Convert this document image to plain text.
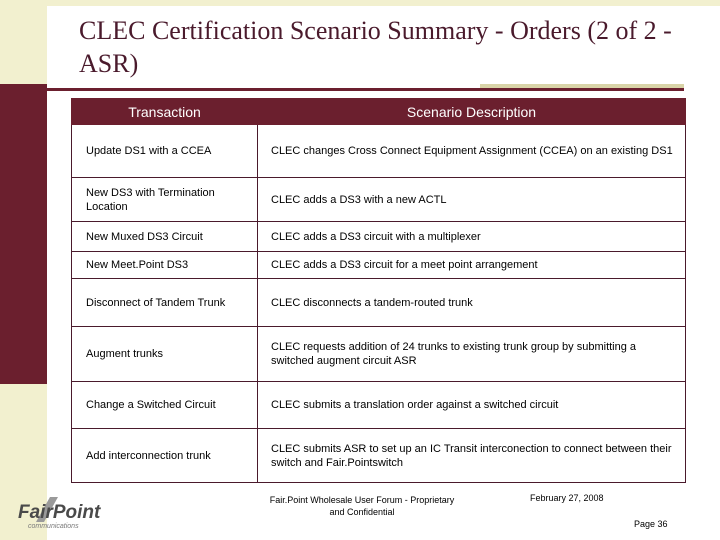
CLEC Certification Scenario Summary - Orders (2 of 2 - ASR)
Transaction	Scenario Description
Update DS1 with a CCEA	CLEC changes Cross Connect Equipment Assignment (CCEA) on an existing DS1
New DS3 with Termination Location	CLEC adds a DS3 with a new ACTL
New Muxed DS3 Circuit	CLEC adds a DS3 circuit with a multiplexer
New Meet.Point DS3	CLEC adds a DS3 circuit for a meet point arrangement
Disconnect of Tandem Trunk	CLEC disconnects a tandem-routed trunk
Augment trunks	CLEC requests addition of 24 trunks to existing trunk group by submitting a switched augment circuit ASR
Change a Switched Circuit	CLEC submits a translation order against a switched circuit
Add interconnection trunk	CLEC submits ASR to set up an IC Transit interconection to connect between their switch and Fair.Pointswitch
FairPoint
communications
Fair.Point Wholesale User Forum - Proprietary
and Confidential
February 27, 2008
Page 36
